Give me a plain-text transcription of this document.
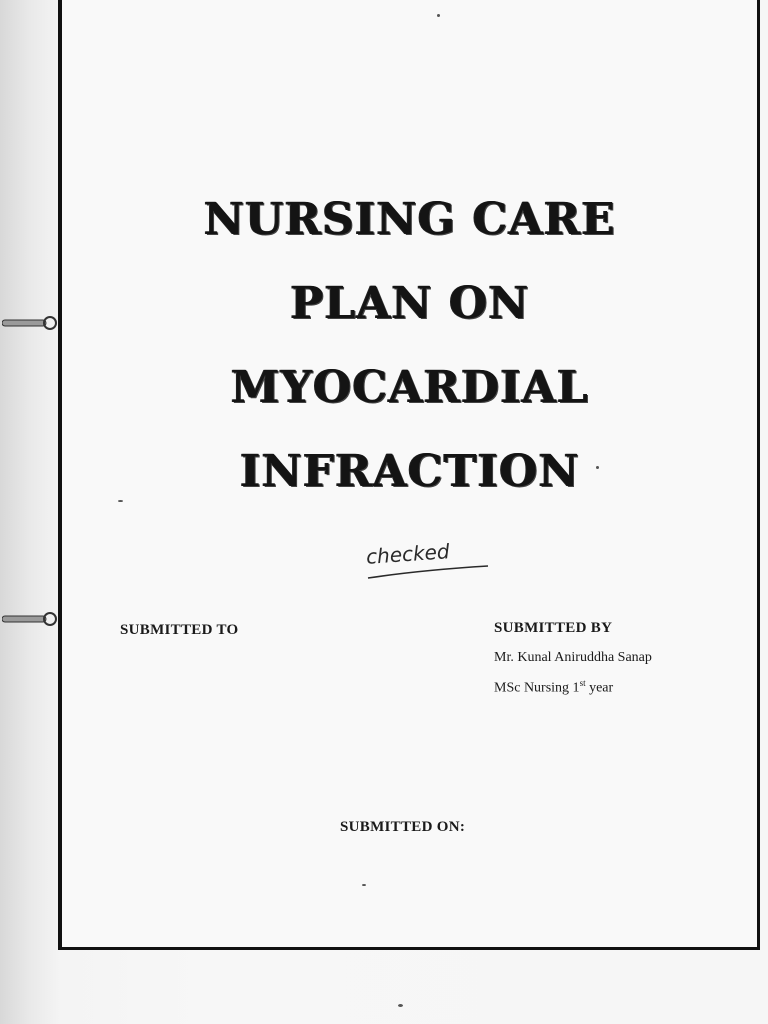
NURSING CARE
PLAN ON
MYOCARDIAL
INFRACTION
checked
SUBMITTED TO	SUBMITTED BY
Mr. Kunal Aniruddha Sanap
MSc Nursing 1st year
SUBMITTED ON:
